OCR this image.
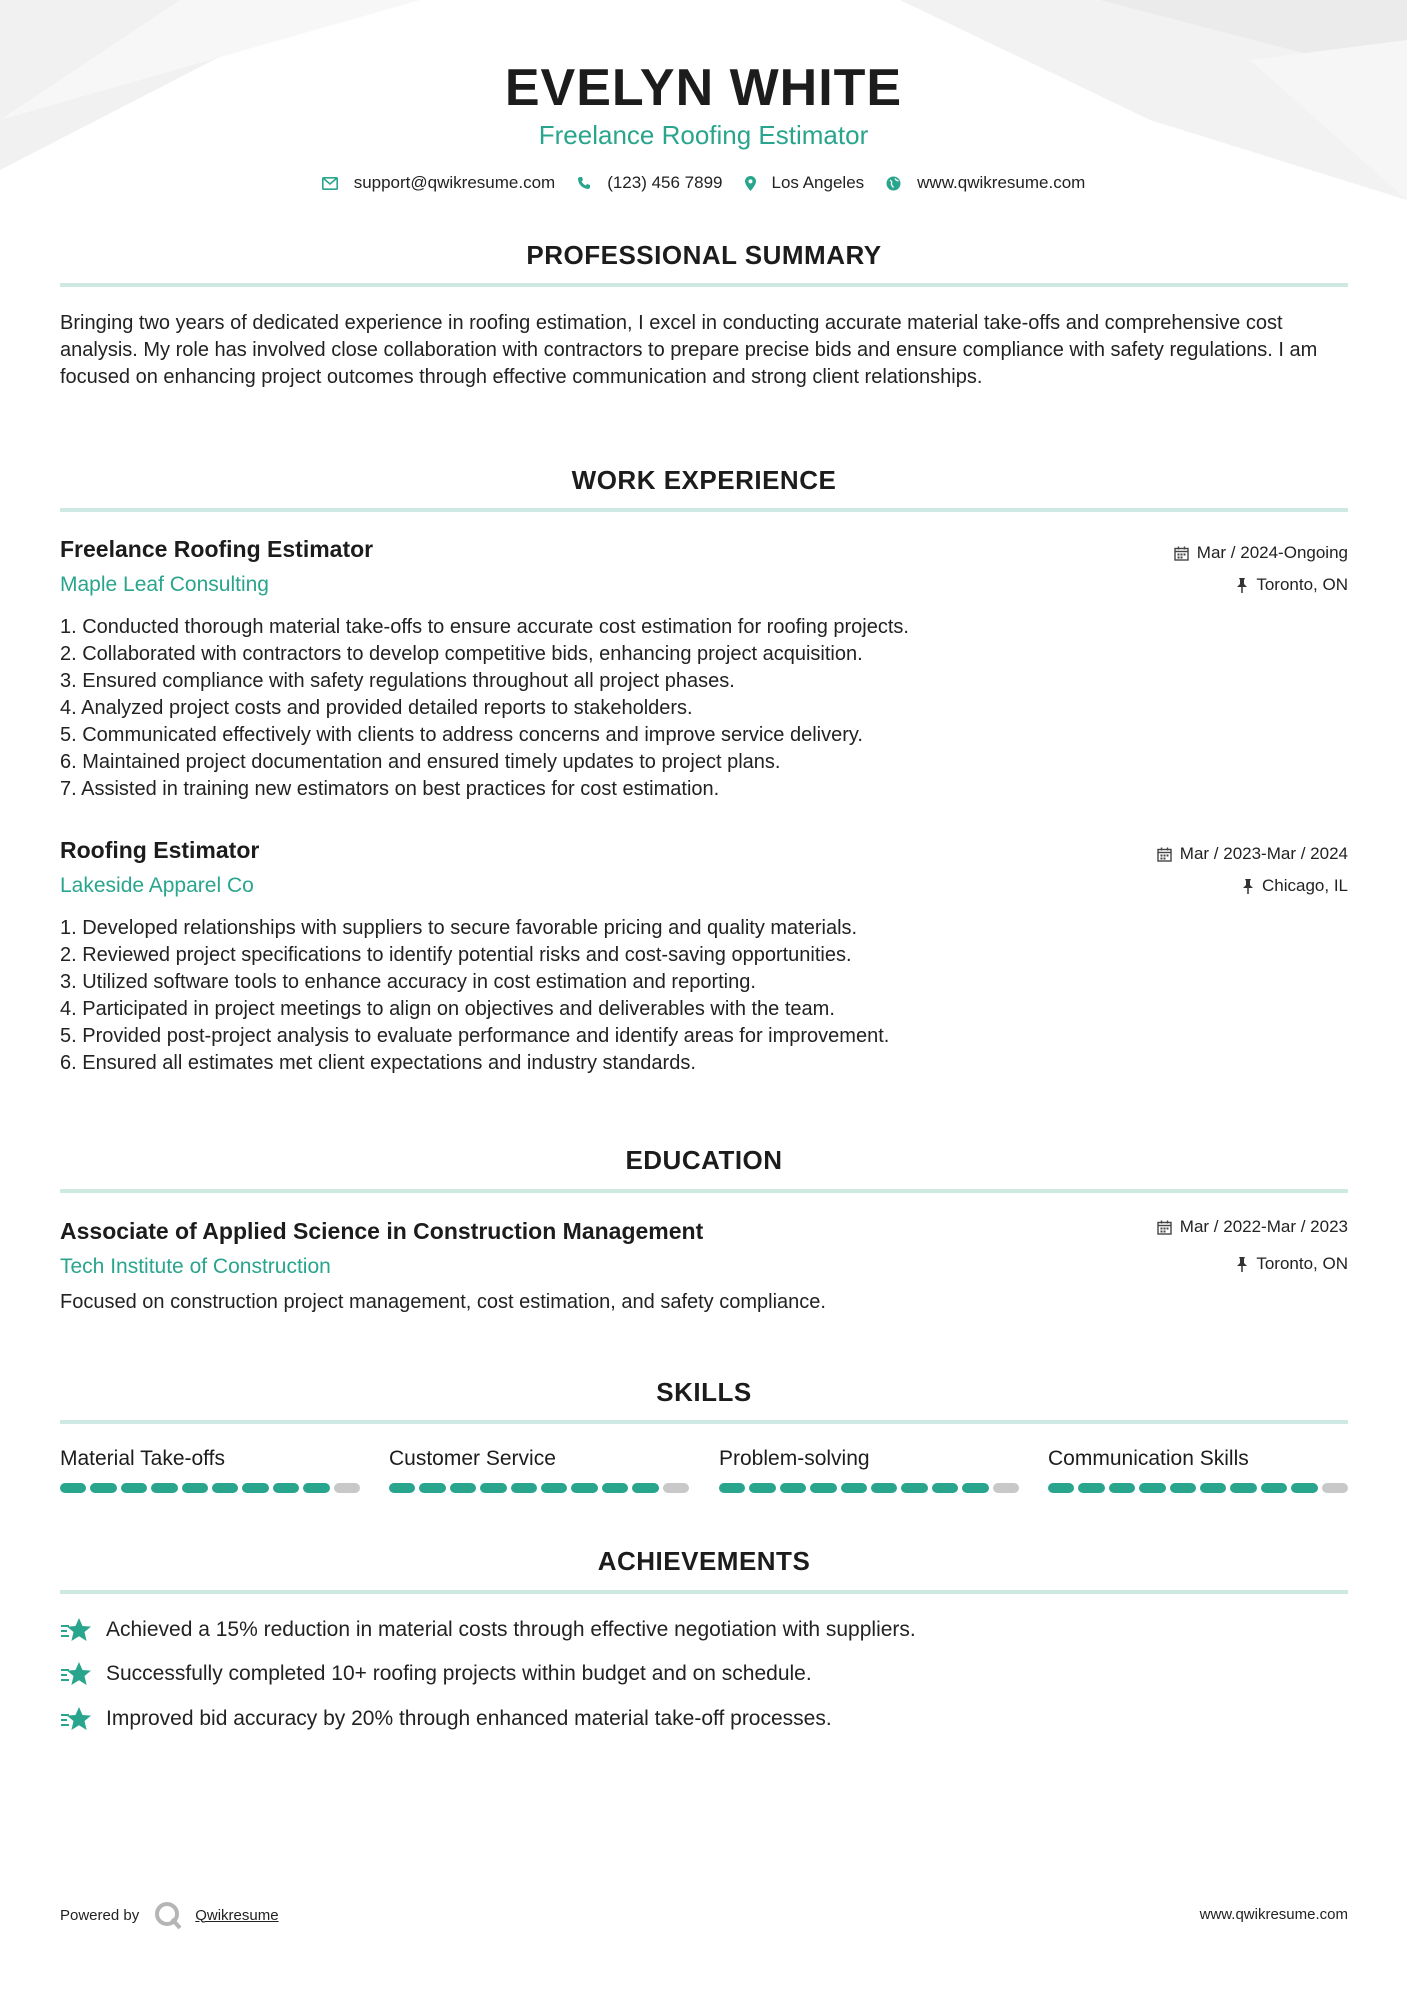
EVELYN WHITE
Freelance Roofing Estimator
support@qwikresume.com	(123) 456 7899	Los Angeles	www.qwikresume.com
PROFESSIONAL SUMMARY
Bringing two years of dedicated experience in roofing estimation, I excel in conducting accurate material take-offs and comprehensive cost analysis. My role has involved close collaboration with contractors to prepare precise bids and ensure compliance with safety regulations. I am focused on enhancing project outcomes through effective communication and strong client relationships.
WORK EXPERIENCE
Freelance Roofing Estimator
Maple Leaf Consulting
Mar / 2024-Ongoing
Toronto, ON
1. Conducted thorough material take-offs to ensure accurate cost estimation for roofing projects.
2. Collaborated with contractors to develop competitive bids, enhancing project acquisition.
3. Ensured compliance with safety regulations throughout all project phases.
4. Analyzed project costs and provided detailed reports to stakeholders.
5. Communicated effectively with clients to address concerns and improve service delivery.
6. Maintained project documentation and ensured timely updates to project plans.
7. Assisted in training new estimators on best practices for cost estimation.
Roofing Estimator
Lakeside Apparel Co
Mar / 2023-Mar / 2024
Chicago, IL
1. Developed relationships with suppliers to secure favorable pricing and quality materials.
2. Reviewed project specifications to identify potential risks and cost-saving opportunities.
3. Utilized software tools to enhance accuracy in cost estimation and reporting.
4. Participated in project meetings to align on objectives and deliverables with the team.
5. Provided post-project analysis to evaluate performance and identify areas for improvement.
6. Ensured all estimates met client expectations and industry standards.
EDUCATION
Associate of Applied Science in Construction Management
Tech Institute of Construction
Mar / 2022-Mar / 2023
Toronto, ON
Focused on construction project management, cost estimation, and safety compliance.
SKILLS
Material Take-offs	Customer Service	Problem-solving	Communication Skills
ACHIEVEMENTS
Achieved a 15% reduction in material costs through effective negotiation with suppliers.
Successfully completed 10+ roofing projects within budget and on schedule.
Improved bid accuracy by 20% through enhanced material take-off processes.
Powered by	Qwikresume	www.qwikresume.com
